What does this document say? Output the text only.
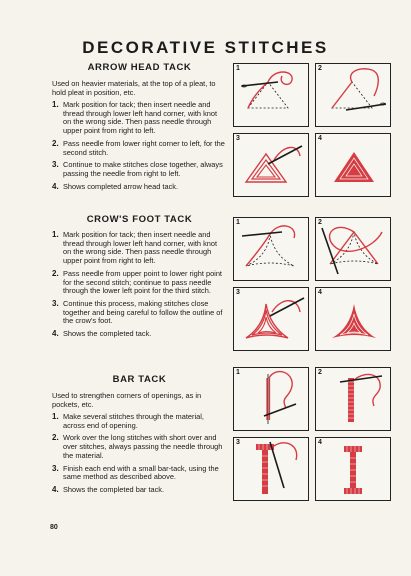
DECORATIVE STITCHES
ARROW HEAD TACK
Used on heavier materials, at the top of a pleat, to hold pleat in position, etc.
1. Mark position for tack; then insert needle and thread through lower left hand corner, with knot on the wrong side. Then pass needle through upper point from right to left.
2. Pass needle from lower right corner to left, for the second stitch.
3. Continue to make stitches close together, always passing the needle from right to left.
4. Shows completed arrow head tack.
CROW'S FOOT TACK
1. Mark position for tack; then insert needle and thread through lower left hand corner, with knot on the wrong side. Then pass needle through upper point from right to left.
2. Pass needle from upper point to lower right point for the second stitch; continue to pass needle through the lower left point for the third stitch.
3. Continue this process, making stitches close together and being careful to follow the outline of the crow's foot.
4. Shows the completed tack.
BAR TACK
Used to strengthen corners of openings, as in pockets, etc.
1. Make several stitches through the material, across end of opening.
2. Work over the long stitches with short over and over stitches, always passing the needle through the material.
3. Finish each end with a small bar-tack, using the same method as described above.
4. Shows the completed bar tack.
1	2
3	4
1	2
3	4
1	2
3	4
80
